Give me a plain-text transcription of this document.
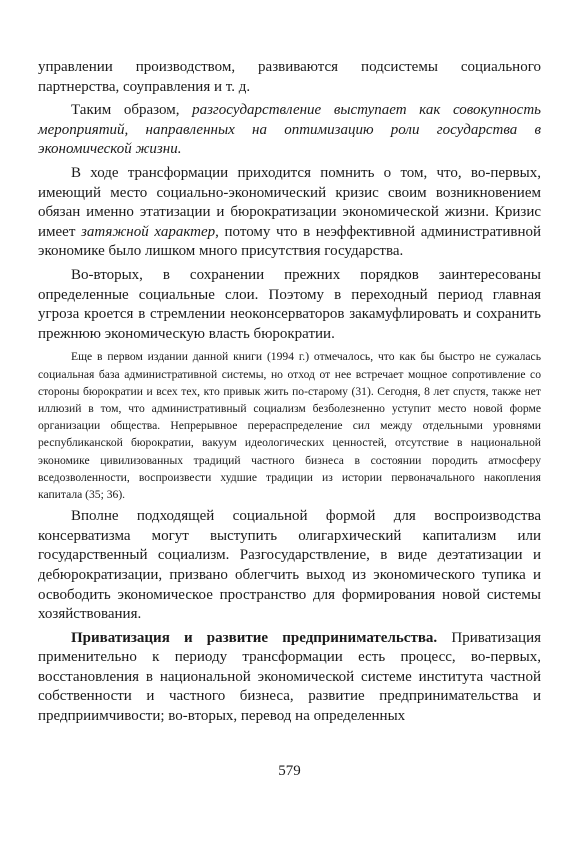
управлении производством, развиваются подсистемы социального партнерства, соуправления и т. д.

Таким образом, разгосударствление выступает как совокупность мероприятий, направленных на оптимизацию роли государства в экономической жизни.

В ходе трансформации приходится помнить о том, что, во-первых, имеющий место социально-экономический кризис своим возникновением обязан именно этатизации и бюрократизации экономической жизни. Кризис имеет затяжной характер, потому что в неэффективной административной экономике было лишком много присутствия государства.

Во-вторых, в сохранении прежних порядков заинтересованы определенные социальные слои. Поэтому в переходный период главная угроза кроется в стремлении неоконсерваторов закамуфлировать и сохранить прежнюю экономическую власть бюрократии.

Еще в первом издании данной книги (1994 г.) отмечалось, что как бы быстро не сужалась социальная база административной системы, но отход от нее встречает мощное сопротивление со стороны бюрократии и всех тех, кто привык жить по-старому (31). Сегодня, 8 лет спустя, также нет иллюзий в том, что административный социализм безболезненно уступит место новой форме организации общества. Непрерывное перераспределение сил между отдельными уровнями республиканской бюрократии, вакуум идеологических ценностей, отсутствие в национальной экономике цивилизованных традиций частного бизнеса в состоянии породить атмосферу вседозволенности, воспроизвести худшие традиции из истории первоначального накопления капитала (35; 36).

Вполне подходящей социальной формой для воспроизводства консерватизма могут выступить олигархический капитализм или государственный социализм. Разгосударствление, в виде деэтатизации и дебюрократизации, призвано облегчить выход из экономического тупика и освободить экономическое пространство для формирования новой системы хозяйствования.

Приватизация и развитие предпринимательства. Приватизация применительно к периоду трансформации есть процесс, во-первых, восстановления в национальной экономической системе института частной собственности и частного бизнеса, развитие предпринимательства и предприимчивости; во-вторых, перевод на определенных

579
